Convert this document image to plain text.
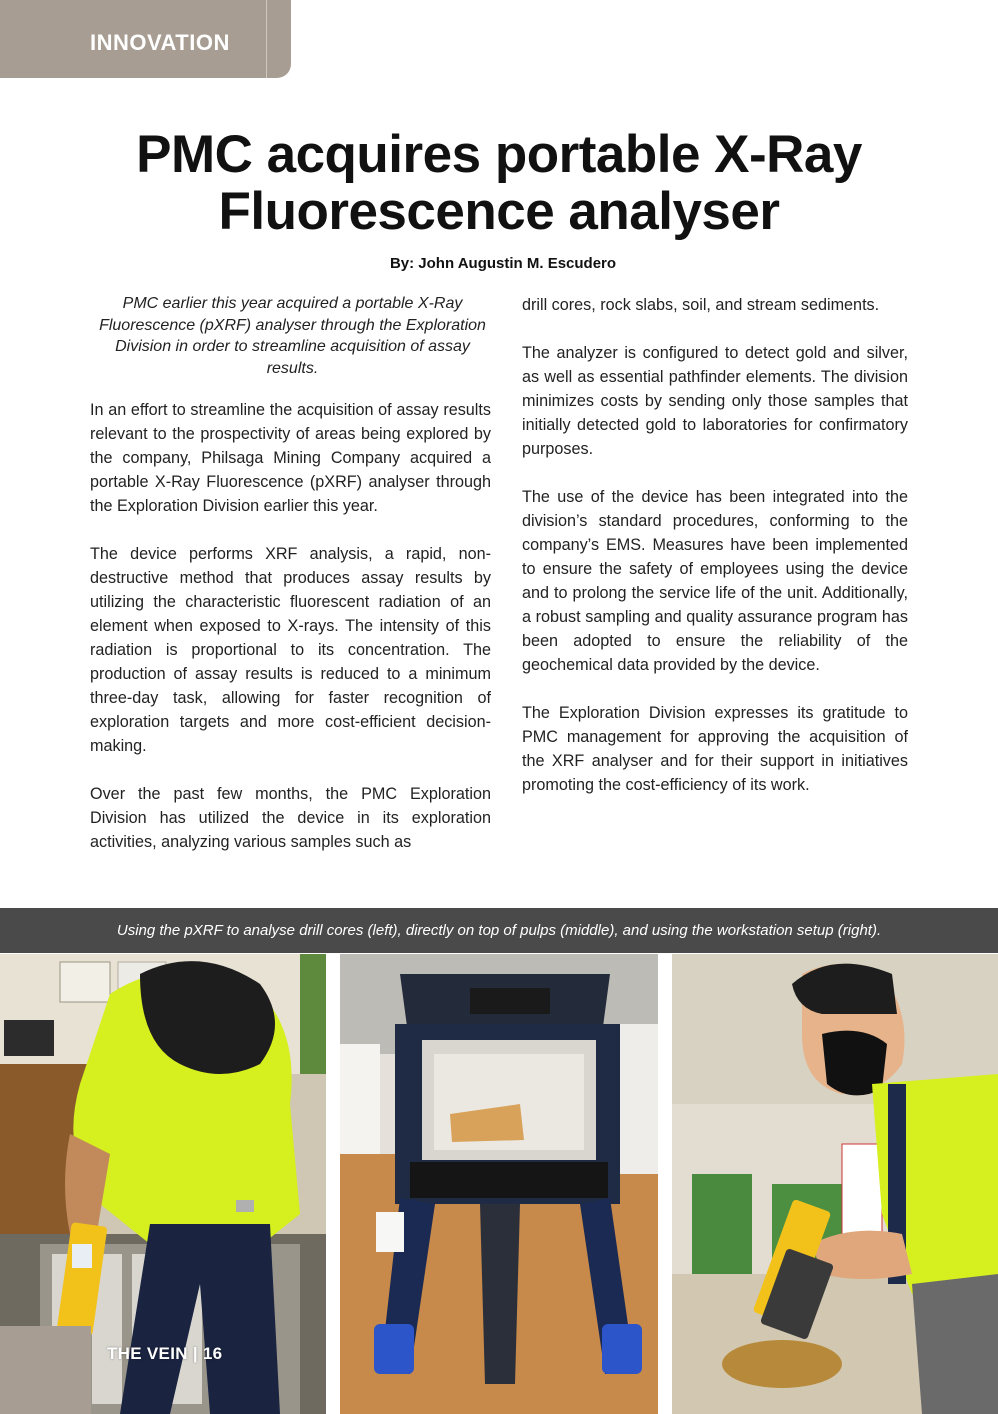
INNOVATION
PMC acquires portable X-Ray
Fluorescence analyser
By: John Augustin M. Escudero
PMC earlier this year acquired a portable X-Ray Fluorescence (pXRF) analyser through the Exploration Division in order to streamline acquisition of assay results.

In an effort to streamline the acquisition of assay results relevant to the prospectivity of areas being explored by the company, Philsaga Mining Company acquired a portable X-Ray Fluorescence (pXRF) analyser through the Exploration Division earlier this year.

The device performs XRF analysis, a rapid, non-destructive method that produces assay results by utilizing the characteristic fluorescent radiation of an element when exposed to X-rays. The intensity of this radiation is proportional to its concentration. The production of assay results is reduced to a minimum three-day task, allowing for faster recognition of exploration targets and more cost-efficient decision-making.

Over the past few months, the PMC Exploration Division has utilized the device in its exploration activities, analyzing various samples such as

drill cores, rock slabs, soil, and stream sediments.

The analyzer is configured to detect gold and silver, as well as essential pathfinder elements. The division minimizes costs by sending only those samples that initially detected gold to laboratories for confirmatory purposes.

The use of the device has been integrated into the division’s standard procedures, conforming to the company’s EMS. Measures have been implemented to ensure the safety of employees using the device and to prolong the service life of the unit. Additionally, a robust sampling and quality assurance program has been adopted to ensure the reliability of the geochemical data provided by the device.

The Exploration Division expresses its gratitude to PMC management for approving the acquisition of the XRF analyser and for their support in initiatives promoting the cost-efficiency of its work.

Using the pXRF to analyse drill cores (left), directly on top of pulps (middle), and using the workstation setup (right).
THE VEIN | 16
